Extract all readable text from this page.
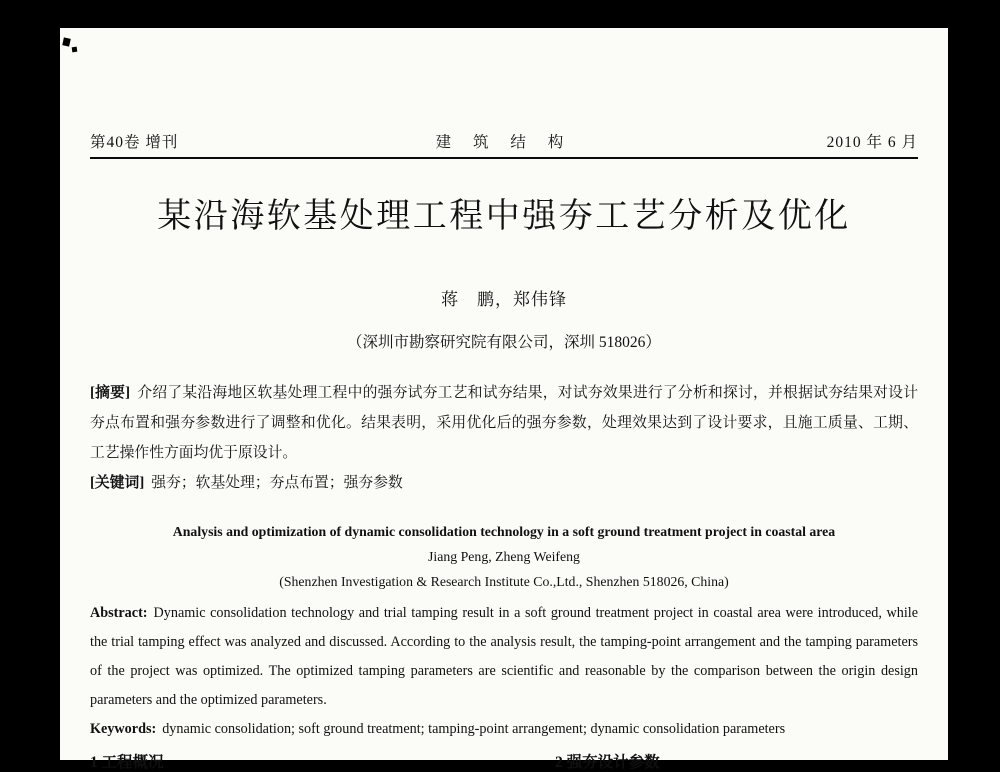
第40卷 增刊	建 筑 结 构	2010 年 6 月

某沿海软基处理工程中强夯工艺分析及优化

蒋　鹏，郑伟锋

（深圳市勘察研究院有限公司，深圳 518026）

[摘要] 介绍了某沿海地区软基处理工程中的强夯试夯工艺和试夯结果，对试夯效果进行了分析和探讨，并根据试夯结果对设计夯点布置和强夯参数进行了调整和优化。结果表明，采用优化后的强夯参数，处理效果达到了设计要求，且施工质量、工期、工艺操作性方面均优于原设计。

[关键词] 强夯；软基处理；夯点布置；强夯参数

Analysis and optimization of dynamic consolidation technology in a soft ground treatment project in coastal area

Jiang Peng, Zheng Weifeng

(Shenzhen Investigation & Research Institute Co.,Ltd., Shenzhen 518026, China)

Abstract: Dynamic consolidation technology and trial tamping result in a soft ground treatment project in coastal area were introduced, while the trial tamping effect was analyzed and discussed. According to the analysis result, the tamping-point arrangement and the tamping parameters of the project was optimized. The optimized tamping parameters are scientific and reasonable by the comparison between the origin design parameters and the optimized parameters.

Keywords: dynamic consolidation; soft ground treatment; tamping-point arrangement; dynamic consolidation parameters

1 工程概况	2 强夯设计参数
